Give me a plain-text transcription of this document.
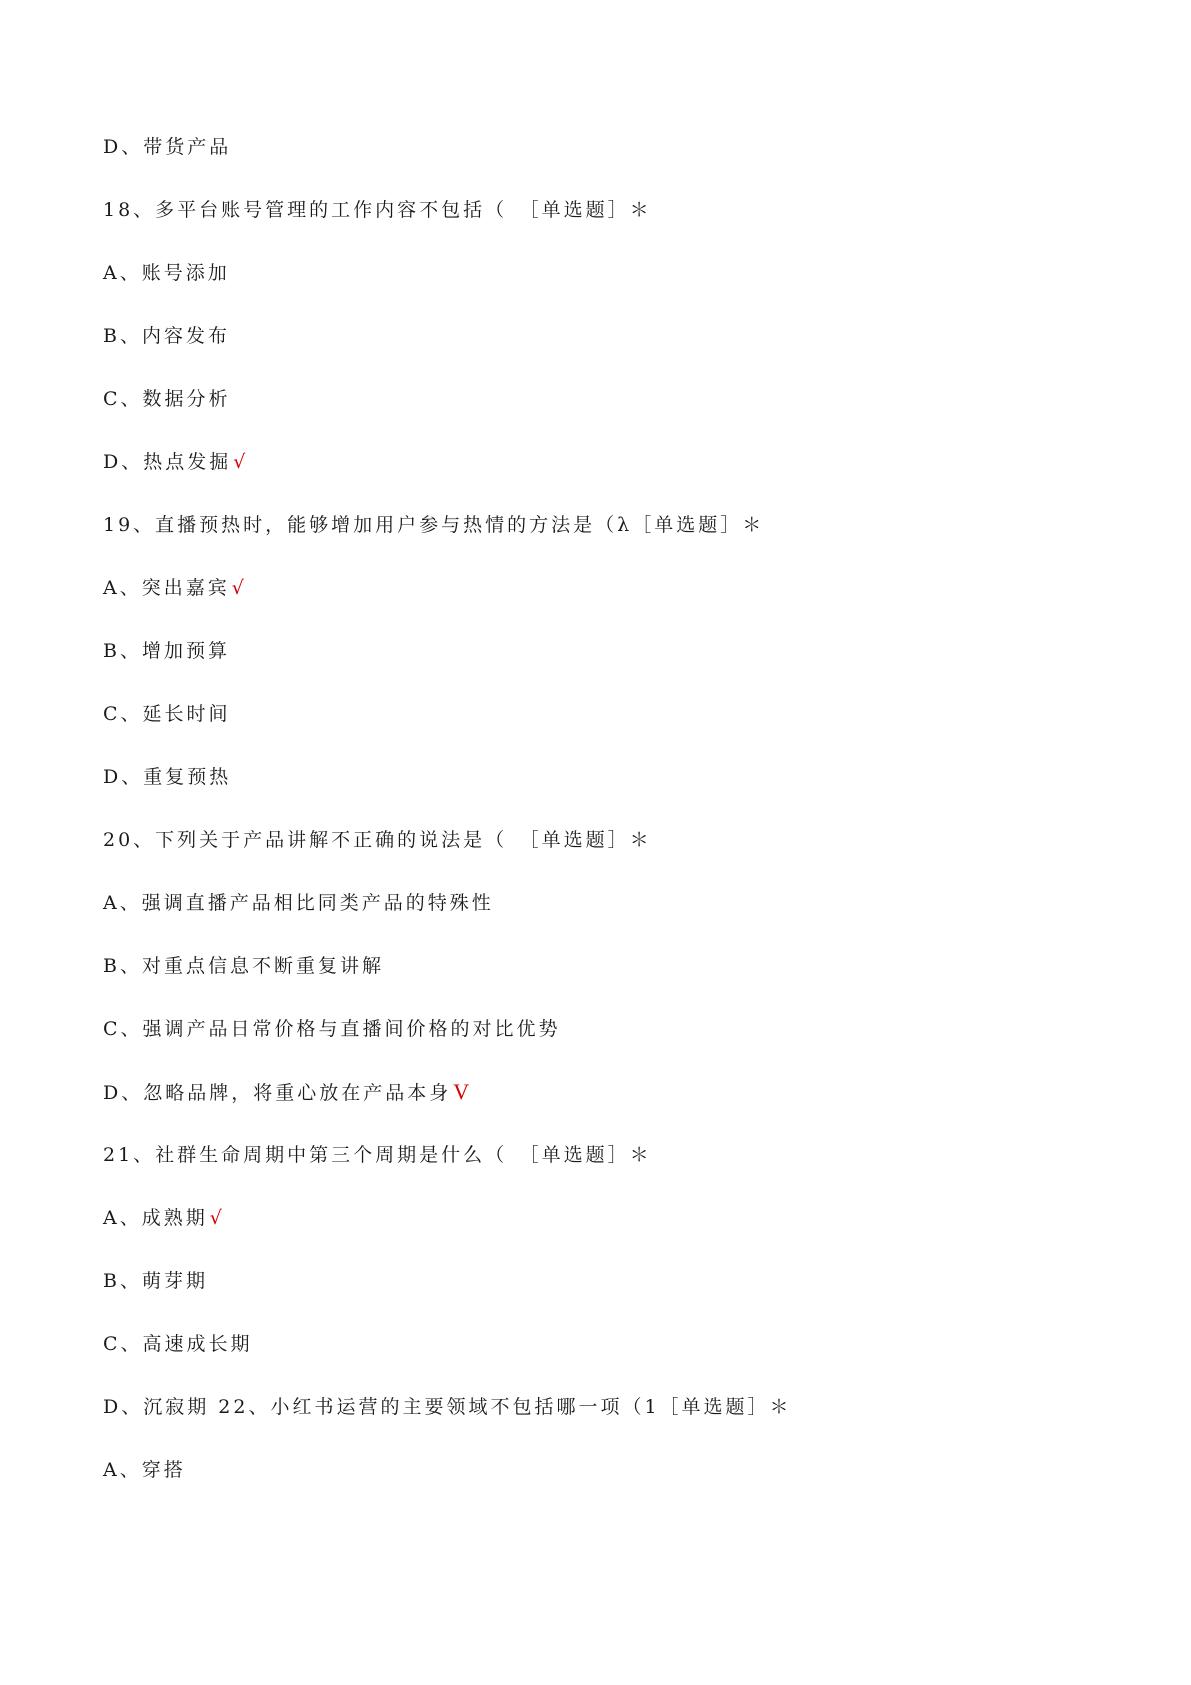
D、带货产品
18、多平台账号管理的工作内容不包括（　［单选题］＊
A、账号添加
B、内容发布
C、数据分析
D、热点发掘 √
19、直播预热时，能够增加用户参与热情的方法是（λ［单选题］＊
A、突出嘉宾 √
B、增加预算
C、延长时间
D、重复预热
20、下列关于产品讲解不正确的说法是（　［单选题］＊
A、强调直播产品相比同类产品的特殊性
B、对重点信息不断重复讲解
C、强调产品日常价格与直播间价格的对比优势
D、忽略品牌，将重心放在产品本身V
21、社群生命周期中第三个周期是什么（　［单选题］＊
A、成熟期 √
B、萌芽期
C、高速成长期
D、沉寂期 22、小红书运营的主要领域不包括哪一项（1［单选题］＊
A、穿搭
